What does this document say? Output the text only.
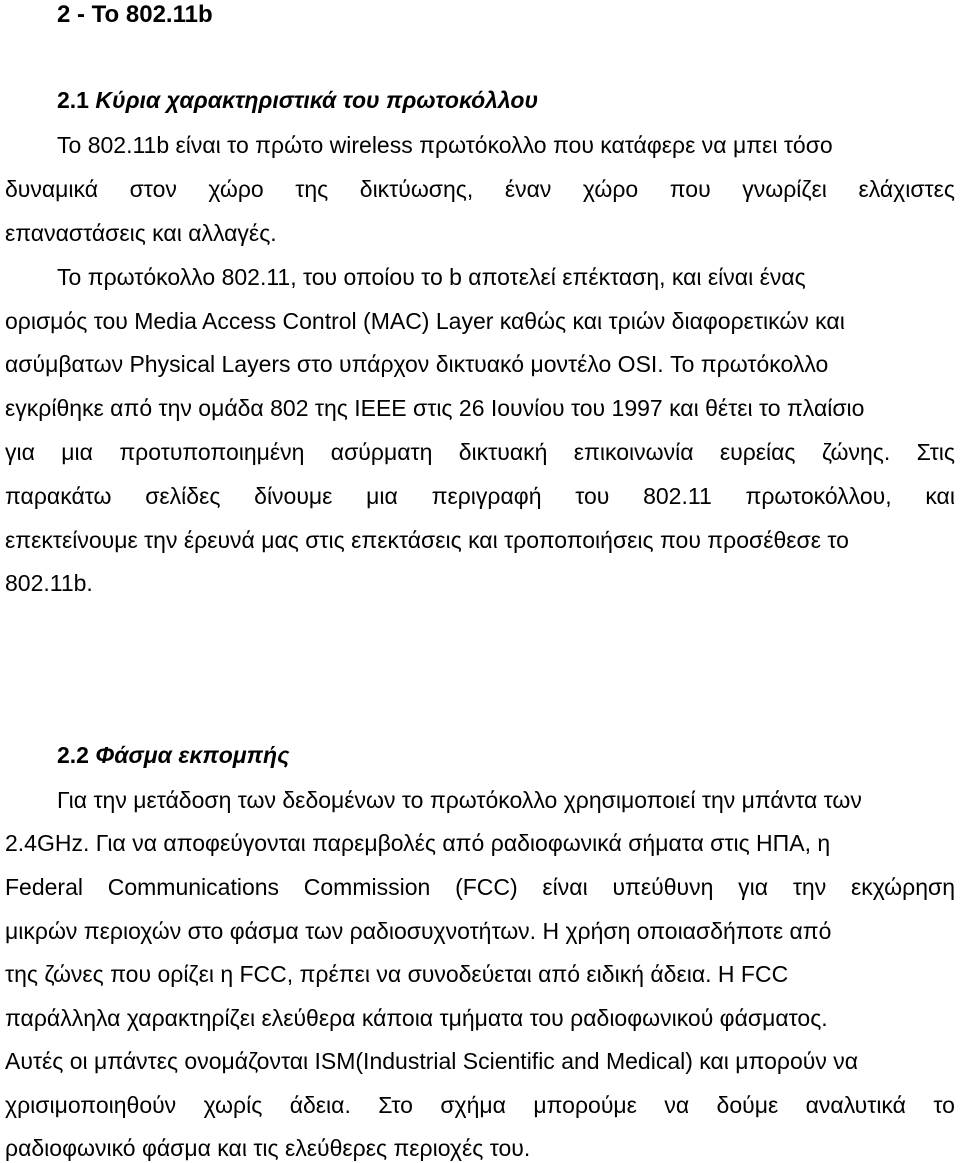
2 - Το 802.11b
2.1 Κύρια χαρακτηριστικά του πρωτοκόλλου
Το 802.11b είναι το πρώτο wireless πρωτόκολλο που κατάφερε να μπει τόσο
δυναμικά στον χώρο της δικτύωσης, έναν χώρο που γνωρίζει ελάχιστες
επαναστάσεις και αλλαγές.
Το πρωτόκολλο 802.11, του οποίου το b αποτελεί επέκταση, και είναι ένας
ορισμός του Media Access Control (MAC) Layer καθώς και τριών διαφορετικών και
ασύμβατων Physical Layers στο υπάρχον δικτυακό μοντέλο OSI. Το πρωτόκολλο
εγκρίθηκε από την ομάδα 802 της IEEE στις 26 Ιουνίου του 1997 και θέτει το πλαίσιο
για μια προτυποποιημένη ασύρματη δικτυακή επικοινωνία ευρείας ζώνης. Στις
παρακάτω σελίδες δίνουμε μια περιγραφή του 802.11 πρωτοκόλλου, και
επεκτείνουμε την έρευνά μας στις επεκτάσεις και τροποποιήσεις που προσέθεσε το
802.11b.
2.2 Φάσμα εκπομπής
Για την μετάδοση των δεδομένων το πρωτόκολλο χρησιμοποιεί την μπάντα των
2.4GHz. Για να αποφεύγονται παρεμβολές από ραδιοφωνικά σήματα στις ΗΠΑ, η
Federal Communications Commission (FCC) είναι υπεύθυνη για την εκχώρηση
μικρών περιοχών στο φάσμα των ραδιοσυχνοτήτων. Η χρήση οποιασδήποτε από
της ζώνες που ορίζει η FCC, πρέπει να συνοδεύεται από ειδική άδεια. Η FCC
παράλληλα χαρακτηρίζει ελεύθερα κάποια τμήματα του ραδιοφωνικού φάσματος.
Αυτές οι μπάντες ονομάζονται ISM(Industrial Scientific and Medical) και μπορούν να
χρισιμοποιηθούν χωρίς άδεια. Στο σχήμα μπορούμε να δούμε αναλυτικά το
ραδιοφωνικό φάσμα και τις ελεύθερες περιοχές του.
